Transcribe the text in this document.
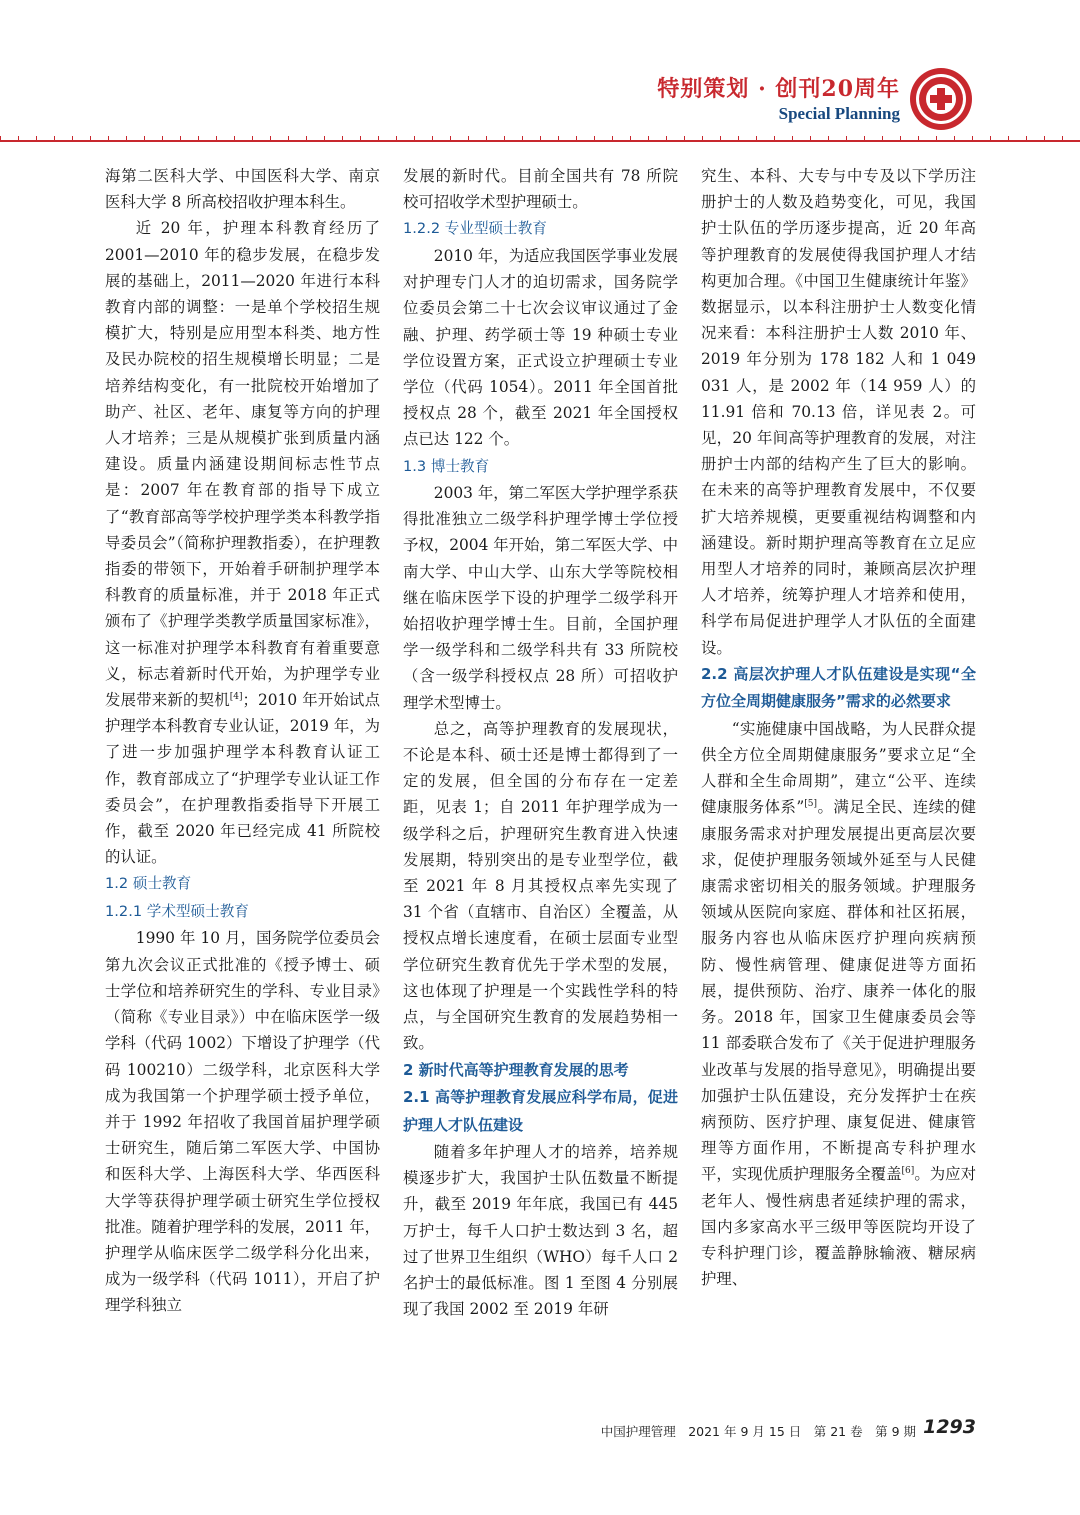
特别策划 · 创刊20周年
Special Planning

海第二医科大学、中国医科大学、南京医科大学 8 所高校招收护理本科生。

近 20 年，护理本科教育经历了 2001—2010 年的稳步发展，在稳步发展的基础上，2011—2020 年进行本科教育内部的调整：一是单个学校招生规模扩大，特别是应用型本科类、地方性及民办院校的招生规模增长明显；二是培养结构变化，有一批院校开始增加了助产、社区、老年、康复等方向的护理人才培养；三是从规模扩张到质量内涵建设。质量内涵建设期间标志性节点是：2007 年在教育部的指导下成立了“教育部高等学校护理学类本科教学指导委员会”（简称护理教指委），在护理教指委的带领下，开始着手研制护理学本科教育的质量标准，并于 2018 年正式颁布了《护理学类教学质量国家标准》，这一标准对护理学本科教育有着重要意义，标志着新时代开始，为护理学专业发展带来新的契机[4]；2010 年开始试点护理学本科教育专业认证，2019 年，为了进一步加强护理学本科教育认证工作，教育部成立了“护理学专业认证工作委员会”，在护理教指委指导下开展工作，截至 2020 年已经完成 41 所院校的认证。

1.2 硕士教育
1.2.1 学术型硕士教育

1990 年 10 月，国务院学位委员会第九次会议正式批准的《授予博士、硕士学位和培养研究生的学科、专业目录》（简称《专业目录》）中在临床医学一级学科（代码 1002）下增设了护理学（代码 100210）二级学科，北京医科大学成为我国第一个护理学硕士授予单位，并于 1992 年招收了我国首届护理学硕士研究生，随后第二军医大学、中国协和医科大学、上海医科大学、华西医科大学等获得护理学硕士研究生学位授权批准。随着护理学科的发展，2011 年，护理学从临床医学二级学科分化出来，成为一级学科（代码 1011），开启了护理学科独立

发展的新时代。目前全国共有 78 所院校可招收学术型护理硕士。

1.2.2 专业型硕士教育

2010 年，为适应我国医学事业发展对护理专门人才的迫切需求，国务院学位委员会第二十七次会议审议通过了金融、护理、药学硕士等 19 种硕士专业学位设置方案，正式设立护理硕士专业学位（代码 1054）。2011 年全国首批授权点 28 个，截至 2021 年全国授权点已达 122 个。

1.3 博士教育

2003 年，第二军医大学护理学系获得批准独立二级学科护理学博士学位授予权，2004 年开始，第二军医大学、中南大学、中山大学、山东大学等院校相继在临床医学下设的护理学二级学科开始招收护理学博士生。目前，全国护理学一级学科和二级学科共有 33 所院校（含一级学科授权点 28 所）可招收护理学术型博士。

总之，高等护理教育的发展现状，不论是本科、硕士还是博士都得到了一定的发展，但全国的分布存在一定差距，见表 1；自 2011 年护理学成为一级学科之后，护理研究生教育进入快速发展期，特别突出的是专业型学位，截至 2021 年 8 月其授权点率先实现了 31 个省（直辖市、自治区）全覆盖，从授权点增长速度看，在硕士层面专业型学位研究生教育优先于学术型的发展，这也体现了护理是一个实践性学科的特点，与全国研究生教育的发展趋势相一致。

2 新时代高等护理教育发展的思考
2.1 高等护理教育发展应科学布局，促进护理人才队伍建设

随着多年护理人才的培养，培养规模逐步扩大，我国护士队伍数量不断提升，截至 2019 年年底，我国已有 445 万护士，每千人口护士数达到 3 名，超过了世界卫生组织（WHO）每千人口 2 名护士的最低标准。图 1 至图 4 分别展现了我国 2002 至 2019 年研

究生、本科、大专与中专及以下学历注册护士的人数及趋势变化，可见，我国护士队伍的学历逐步提高，近 20 年高等护理教育的发展使得我国护理人才结构更加合理。《中国卫生健康统计年鉴》数据显示，以本科注册护士人数变化情况来看：本科注册护士人数 2010 年、2019 年分别为 178 182 人和 1 049 031 人，是 2002 年（14 959 人）的 11.91 倍和 70.13 倍，详见表 2。可见，20 年间高等护理教育的发展，对注册护士内部的结构产生了巨大的影响。在未来的高等护理教育发展中，不仅要扩大培养规模，更要重视结构调整和内涵建设。新时期护理高等教育在立足应用型人才培养的同时，兼顾高层次护理人才培养，统筹护理人才培养和使用，科学布局促进护理学人才队伍的全面建设。

2.2 高层次护理人才队伍建设是实现“全方位全周期健康服务”需求的必然要求

“实施健康中国战略，为人民群众提供全方位全周期健康服务”要求立足“全人群和全生命周期”，建立“公平、连续健康服务体系”[5]。满足全民、连续的健康服务需求对护理发展提出更高层次要求，促使护理服务领域外延至与人民健康需求密切相关的服务领域。护理服务领域从医院向家庭、群体和社区拓展，服务内容也从临床医疗护理向疾病预防、慢性病管理、健康促进等方面拓展，提供预防、治疗、康养一体化的服务。2018 年，国家卫生健康委员会等 11 部委联合发布了《关于促进护理服务业改革与发展的指导意见》，明确提出要加强护士队伍建设，充分发挥护士在疾病预防、医疗护理、康复促进、健康管理等方面作用，不断提高专科护理水平，实现优质护理服务全覆盖[6]。为应对老年人、慢性病患者延续护理的需求，国内多家高水平三级甲等医院均开设了专科护理门诊，覆盖静脉输液、糖尿病护理、

中国护理管理　2021 年 9 月 15 日　第 21 卷　第 9 期 1293
